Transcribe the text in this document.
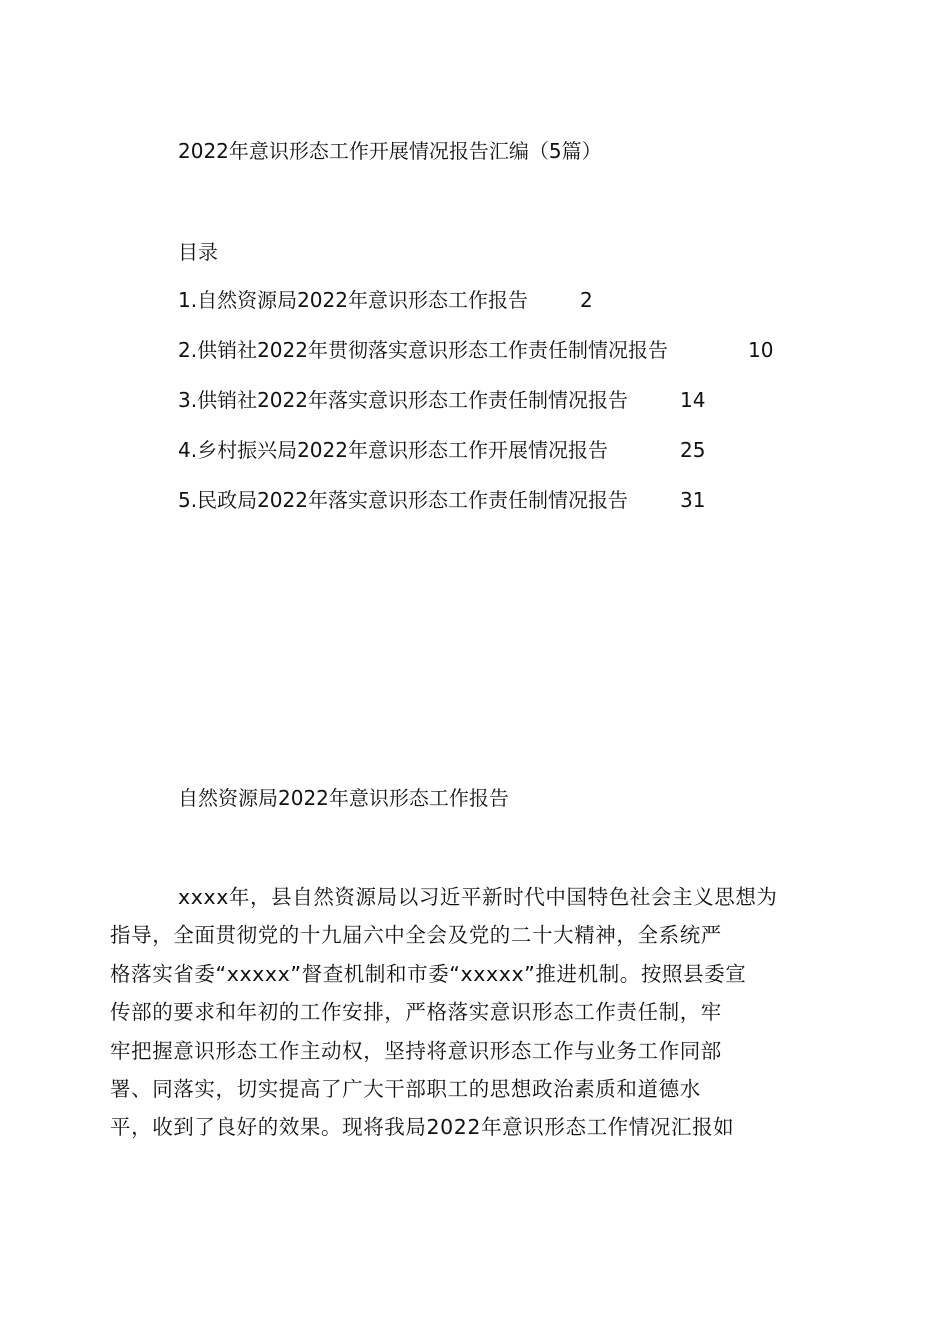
2022年意识形态工作开展情况报告汇编（5篇）
目录
1.自然资源局2022年意识形态工作报告	2
2.供销社2022年贯彻落实意识形态工作责任制情况报告	10
3.供销社2022年落实意识形态工作责任制情况报告	14
4.乡村振兴局2022年意识形态工作开展情况报告	25
5.民政局2022年落实意识形态工作责任制情况报告	31
自然资源局2022年意识形态工作报告
xxxx年，县自然资源局以习近平新时代中国特色社会主义思想为
指导，全面贯彻党的十九届六中全会及党的二十大精神，全系统严
格落实省委“xxxxx”督查机制和市委“xxxxx”推进机制。按照县委宣
传部的要求和年初的工作安排，严格落实意识形态工作责任制，牢
牢把握意识形态工作主动权，坚持将意识形态工作与业务工作同部
署、同落实，切实提高了广大干部职工的思想政治素质和道德水
平，收到了良好的效果。现将我局2022年意识形态工作情况汇报如
